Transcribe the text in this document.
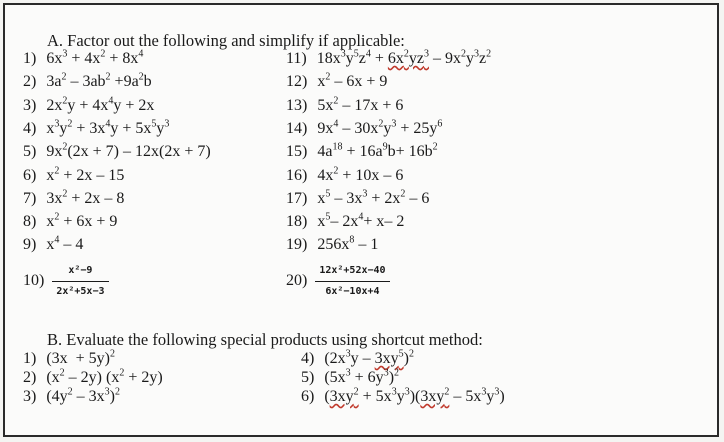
A. Factor out the following and simplify if applicable:
1) $6x^3 + 4x^2 + 8x^4$
2) $3a^2 - 3ab^2 +9a^2b$
3) $2x^2y + 4x^4y + 2x$
4) $x^3y^2 + 3x^4y + 5x^5y^3$
5) $9x^2(2x + 7) - 12x(2x + 7)$
6) $x^2 + 2x - 15$
7) $3x^2 + 2x - 8$
8) $x^2 + 6x + 9$
9) $x^4 - 4$
$10) \frac{\text{x²−9}}{\text{2x²+5x−3}}$
11) $18x^3y^5z^4 + 6x^2yz^3 - 9x^2y^3z^2$
12) $x^2 - 6x + 9$
13) $5x^2 - 17x + 6$
14) $9x^4 - 30x^2y^3 + 25y^6$
15) $4a^{18} + 16a^9b+ 16b^2$
16) $4x^2 + 10x - 6$
17) $x^5 - 3x^3 + 2x^2 - 6$
18) $x^5-$ $2x^4+ x-$ 2
19) $256x^8 - 1$
$20) \frac{\text{12x²+52x−40}}{\text{6x²−10x+4}}$
B. Evaluate the following special products using shortcut method:
1) $(3x + 5y)^2$
2) $(x^2 - 2y) (x^2 + 2y)$
3) $(4y^2 - 3x^3)^2$
4) $(2x^3y - 3xy^5)^2$
5) $(5x^3 + 6y^3)^2$
6) $(3xy^2 + 5x^3y^3)(3xy^2 - 5x^3y^3)$
